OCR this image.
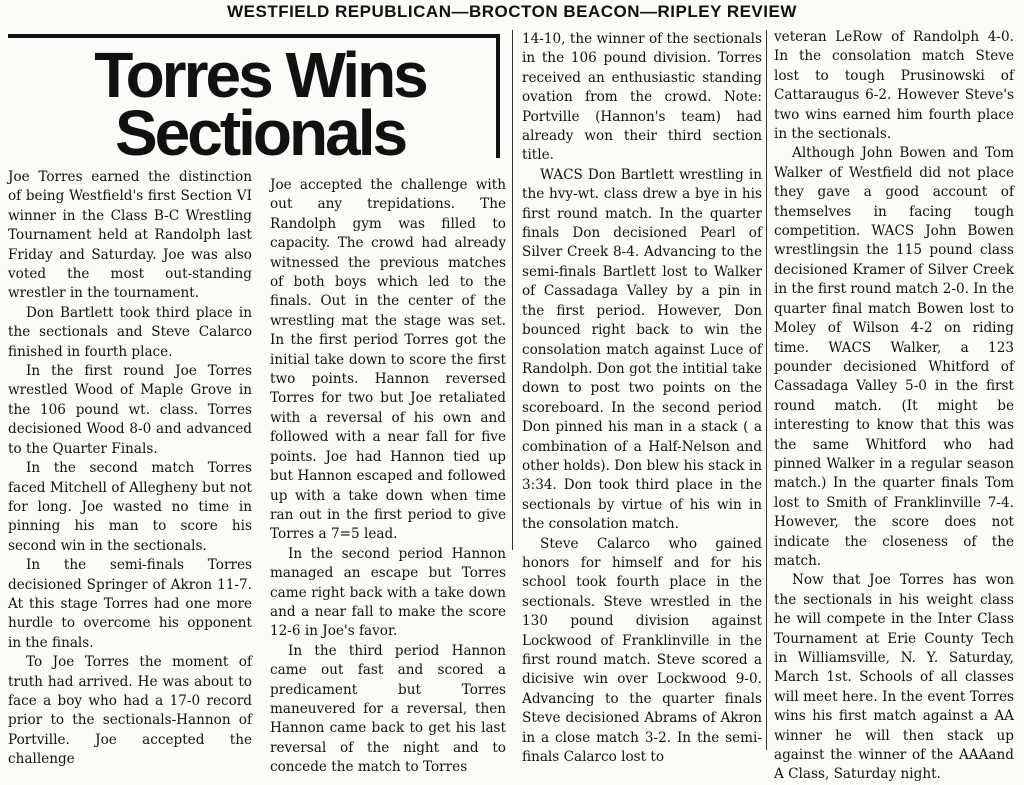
WESTFIELD REPUBLICAN—BROCTON BEACON—RIPLEY REVIEW
Torres Wins
Sectionals

Joe Torres earned the distinction of being Westfield's first Section VI winner in the Class B-C Wrestling Tournament held at Randolph last Friday and Saturday. Joe was also voted the most out-standing wrestler in the tournament.

Don Bartlett took third place in the sectionals and Steve Calarco finished in fourth place.

In the first round Joe Torres wrestled Wood of Maple Grove in the 106 pound wt. class. Torres decisioned Wood 8-0 and advanced to the Quarter Finals.

In the second match Torres faced Mitchell of Allegheny but not for long. Joe wasted no time in pinning his man to score his second win in the sectionals.

In the semi-finals Torres decisioned Springer of Akron 11-7. At this stage Torres had one more hurdle to overcome his opponent in the finals.

To Joe Torres the moment of truth had arrived. He was about to face a boy who had a 17-0 record prior to the sectionals-Hannon of Portville. Joe accepted the challenge

Joe accepted the challenge with out any trepidations. The Randolph gym was filled to capacity. The crowd had already witnessed the previous matches of both boys which led to the finals. Out in the center of the wrestling mat the stage was set. In the first period Torres got the initial take down to score the first two points. Hannon reversed Torres for two but Joe retaliated with a reversal of his own and followed with a near fall for five points. Joe had Hannon tied up but Hannon escaped and followed up with a take down when time ran out in the first period to give Torres a 7=5 lead.

In the second period Hannon managed an escape but Torres came right back with a take down and a near fall to make the score 12-6 in Joe's favor.

In the third period Hannon came out fast and scored a predicament but Torres maneuvered for a reversal, then Hannon came back to get his last reversal of the night and to concede the match to Torres

14-10, the winner of the sectionals in the 106 pound division. Torres received an enthusiastic standing ovation from the crowd. Note: Portville (Hannon's team) had already won their third section title.

WACS Don Bartlett wrestling in the hvy-wt. class drew a bye in his first round match. In the quarter finals Don decisioned Pearl of Silver Creek 8-4. Advancing to the semi-finals Bartlett lost to Walker of Cassadaga Valley by a pin in the first period. However, Don bounced right back to win the consolation match against Luce of Randolph. Don got the intitial take down to post two points on the scoreboard. In the second period Don pinned his man in a stack ( a combination of a Half-Nelson and other holds). Don blew his stack in 3:34. Don took third place in the sectionals by virtue of his win in the consolation match.

Steve Calarco who gained honors for himself and for his school took fourth place in the sectionals. Steve wrestled in the 130 pound division against Lockwood of Franklinville in the first round match. Steve scored a dicisive win over Lockwood 9-0. Advancing to the quarter finals Steve decisioned Abrams of Akron in a close match 3-2. In the semi-finals Calarco lost to

veteran LeRow of Randolph 4-0. In the consolation match Steve lost to tough Prusinowski of Cattaraugus 6-2. However Steve's two wins earned him fourth place in the sectionals.

Although John Bowen and Tom Walker of Westfield did not place they gave a good account of themselves in facing tough competition. WACS John Bowen wrestlingsin the 115 pound class decisioned Kramer of Silver Creek in the first round match 2-0. In the quarter final match Bowen lost to Moley of Wilson 4-2 on riding time. WACS Walker, a 123 pounder decisioned Whitford of Cassadaga Valley 5-0 in the first round match. (It might be interesting to know that this was the same Whitford who had pinned Walker in a regular season match.) In the quarter finals Tom lost to Smith of Franklinville 7-4. However, the score does not indicate the closeness of the match.

Now that Joe Torres has won the sectionals in his weight class he will compete in the Inter Class Tournament at Erie County Tech in Williamsville, N. Y. Saturday, March 1st. Schools of all classes will meet here. In the event Torres wins his first match against a AA winner he will then stack up against the winner of the AAAand A Class, Saturday night.
